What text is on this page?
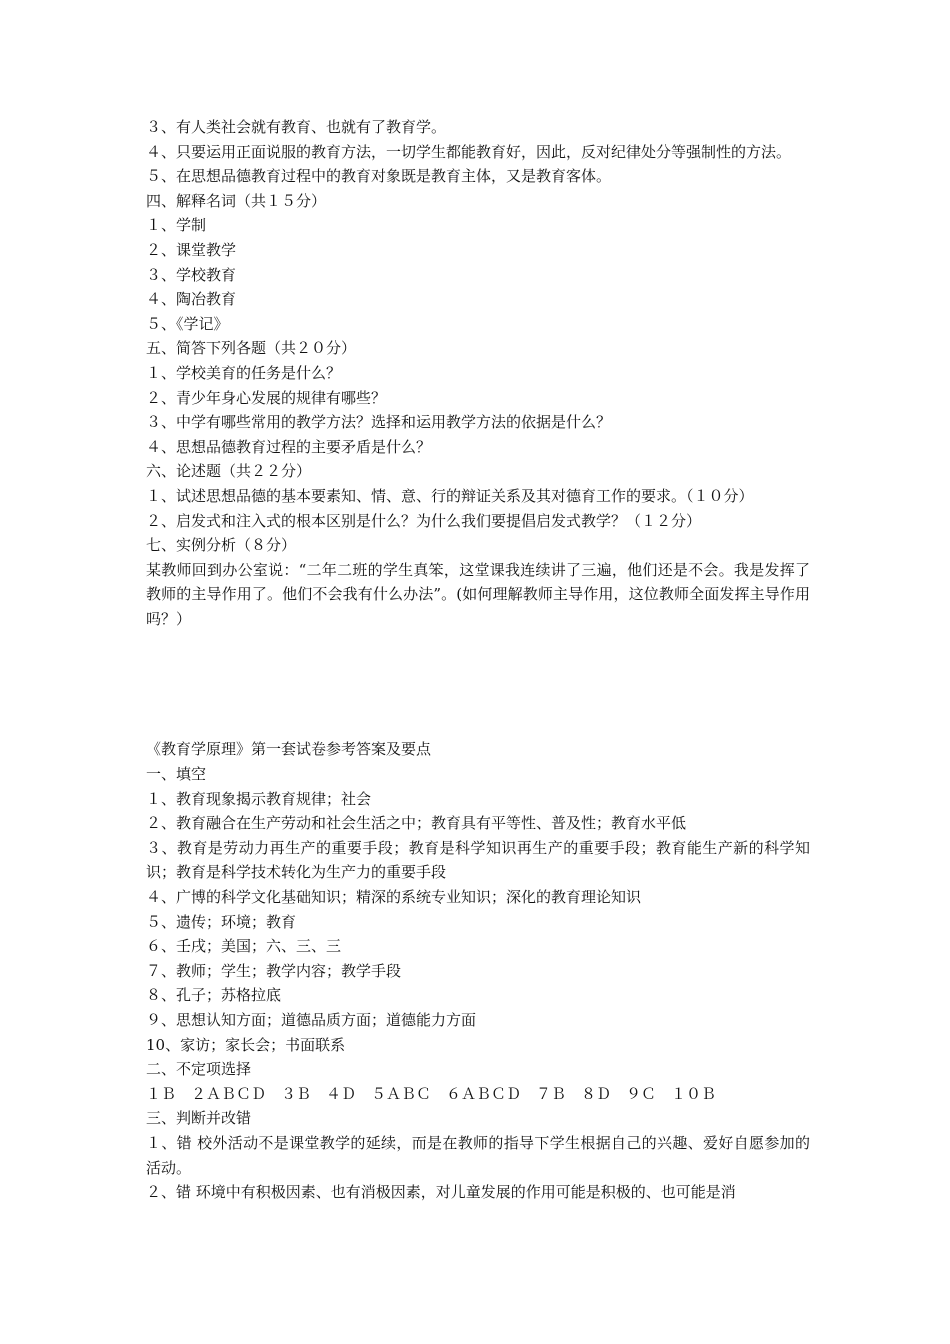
３、有人类社会就有教育、也就有了教育学。
４、只要运用正面说服的教育方法，一切学生都能教育好，因此，反对纪律处分等强制性的方法。
５、在思想品德教育过程中的教育对象既是教育主体，又是教育客体。
四、解释名词（共１５分）
１、学制
２、课堂教学
３、学校教育
４、陶冶教育
５、《学记》
五、简答下列各题（共２０分）
１、学校美育的任务是什么？
２、青少年身心发展的规律有哪些？
３、中学有哪些常用的教学方法？选择和运用教学方法的依据是什么？
４、思想品德教育过程的主要矛盾是什么？
六、论述题（共２２分）
１、试述思想品德的基本要素知、情、意、行的辩证关系及其对德育工作的要求。（１０分）
２、启发式和注入式的根本区别是什么？为什么我们要提倡启发式教学？（１２分）
七、实例分析（８分）
某教师回到办公室说：“二年二班的学生真笨，这堂课我连续讲了三遍，他们还是不会。我是发挥了教师的主导作用了。他们不会我有什么办法”。(如何理解教师主导作用，这位教师全面发挥主导作用吗？）
《教育学原理》第一套试卷参考答案及要点
一、填空
１、教育现象揭示教育规律；社会
２、教育融合在生产劳动和社会生活之中；教育具有平等性、普及性；教育水平低
３、教育是劳动力再生产的重要手段；教育是科学知识再生产的重要手段；教育能生产新的科学知识；教育是科学技术转化为生产力的重要手段
４、广博的科学文化基础知识；精深的系统专业知识；深化的教育理论知识
５、遗传；环境；教育
６、壬戌；美国；六、三、三
７、教师；学生；教学内容；教学手段
８、孔子；苏格拉底
９、思想认知方面；道德品质方面；道德能力方面
10、家访；家长会；书面联系
二、不定项选择
１Ｂ　２ＡＢＣＤ　３Ｂ　４Ｄ　５ＡＢＣ　６ＡＢＣＤ　７Ｂ　８Ｄ　９Ｃ　１０Ｂ
三、判断并改错
１、错 校外活动不是课堂教学的延续，而是在教师的指导下学生根据自己的兴趣、爱好自愿参加的活动。
２、错 环境中有积极因素、也有消极因素，对儿童发展的作用可能是积极的、也可能是消
